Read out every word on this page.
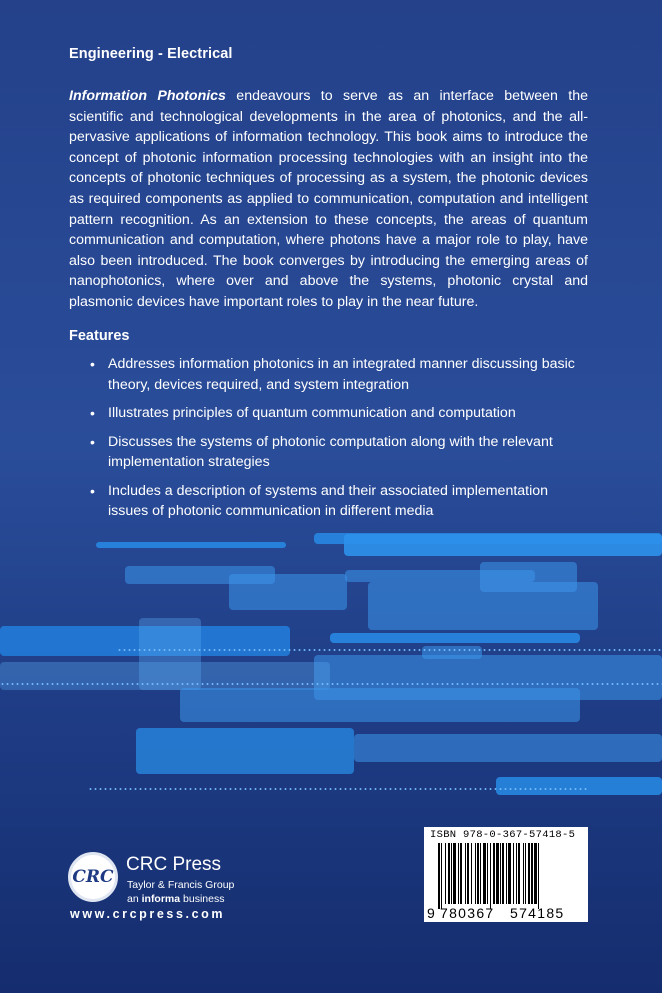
Engineering - Electrical

Information Photonics endeavours to serve as an interface between the scientific and technological developments in the area of photonics, and the all-pervasive applications of information technology. This book aims to introduce the concept of photonic information processing technologies with an insight into the concepts of photonic techniques of processing as a system, the photonic devices as required components as applied to communication, computation and intelligent pattern recognition. As an extension to these concepts, the areas of quantum communication and computation, where photons have a major role to play, have also been introduced. The book converges by introducing the emerging areas of nanophotonics, where over and above the systems, photonic crystal and plasmonic devices have important roles to play in the near future.

Features
• Addresses information photonics in an integrated manner discussing basic theory, devices required, and system integration
• Illustrates principles of quantum communication and computation
• Discusses the systems of photonic computation along with the relevant implementation strategies
• Includes a description of systems and their associated implementation issues of photonic communication in different media
CRC
CRC Press
Taylor & Francis Group
an informa business
www.crcpress.com
ISBN 978-0-367-57418-5
9 780367 574185
